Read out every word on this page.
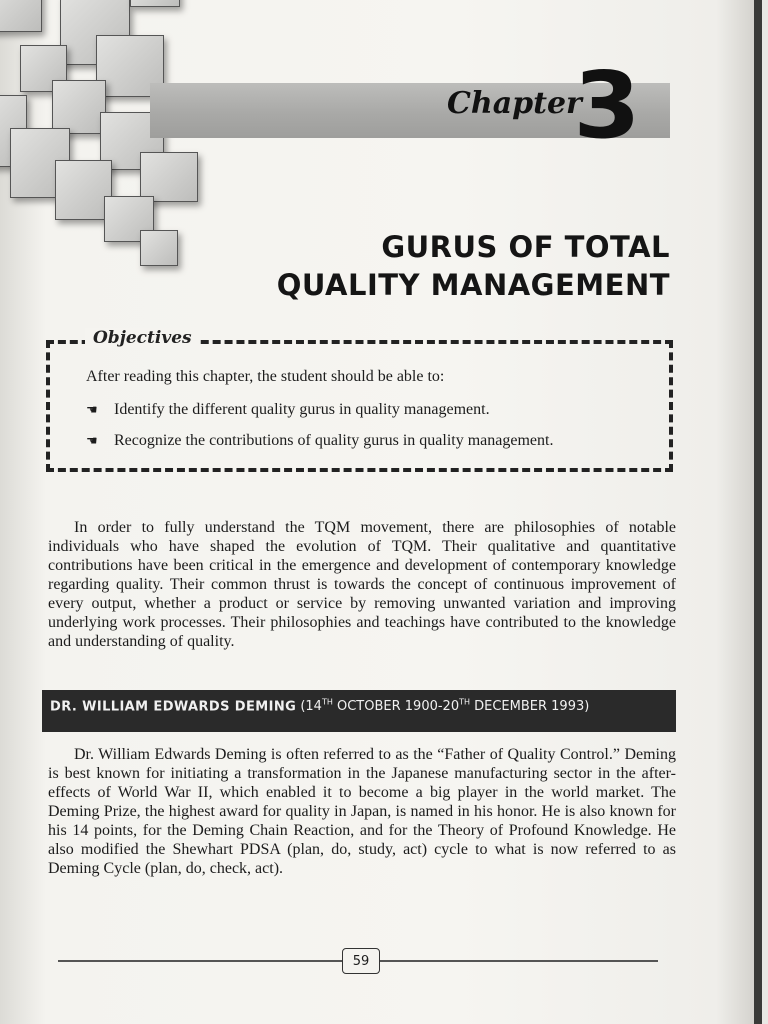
Chapter
3
GURUS OF TOTAL
QUALITY MANAGEMENT
Objectives
After reading this chapter, the student should be able to:
☚	Identify the different quality gurus in quality management.
☚	Recognize the contributions of quality gurus in quality management.
In order to fully understand the TQM movement, there are philosophies of notable individuals who have shaped the evolution of TQM. Their qualitative and quantitative contributions have been critical in the emergence and development of contemporary knowledge regarding quality. Their common thrust is towards the concept of continuous improvement of every output, whether a product or service by removing unwanted variation and improving underlying work processes. Their philosophies and teachings have contributed to the knowledge and understanding of quality.
DR. WILLIAM EDWARDS DEMING (14TH OCTOBER 1900-20TH DECEMBER 1993)
Dr. William Edwards Deming is often referred to as the “Father of Quality Control.” Deming is best known for initiating a transformation in the Japanese manufacturing sector in the after-effects of World War II, which enabled it to become a big player in the world market. The Deming Prize, the highest award for quality in Japan, is named in his honor. He is also known for his 14 points, for the Deming Chain Reaction, and for the Theory of Profound Knowledge. He also modified the Shewhart PDSA (plan, do, study, act) cycle to what is now referred to as Deming Cycle (plan, do, check, act).
59
